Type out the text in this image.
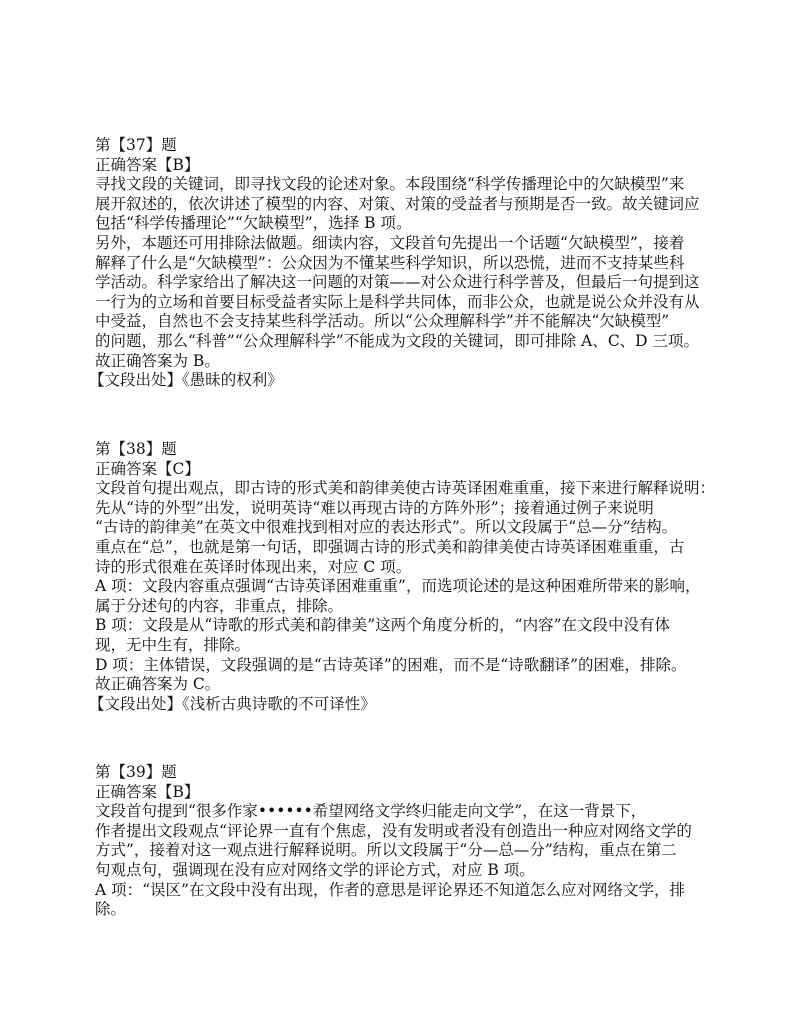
第【37】题

正确答案【B】

寻找文段的关键词，即寻找文段的论述对象。本段围绕“科学传播理论中的欠缺模型”来

展开叙述的，依次讲述了模型的内容、对策、对策的受益者与预期是否一致。故关键词应

包括“科学传播理论”“欠缺模型”，选择 B 项。

另外，本题还可用排除法做题。细读内容，文段首句先提出一个话题“欠缺模型”，接着

解释了什么是“欠缺模型”：公众因为不懂某些科学知识，所以恐慌，进而不支持某些科

学活动。科学家给出了解决这一问题的对策——对公众进行科学普及，但最后一句提到这

一行为的立场和首要目标受益者实际上是科学共同体，而非公众，也就是说公众并没有从

中受益，自然也不会支持某些科学活动。所以“公众理解科学”并不能解决“欠缺模型”

的问题，那么“科普”“公众理解科学”不能成为文段的关键词，即可排除 A、C、D 三项。

故正确答案为 B。

【文段出处】《愚昧的权利》

第【38】题

正确答案【C】

文段首句提出观点，即古诗的形式美和韵律美使古诗英译困难重重，接下来进行解释说明：

先从“诗的外型”出发，说明英诗“难以再现古诗的方阵外形”；接着通过例子来说明

“古诗的韵律美”在英文中很难找到相对应的表达形式”。所以文段属于“总—分”结构。

重点在“总”，也就是第一句话，即强调古诗的形式美和韵律美使古诗英译困难重重，古

诗的形式很难在英译时体现出来，对应 C 项。

A 项：文段内容重点强调“古诗英译困难重重”，而选项论述的是这种困难所带来的影响，

属于分述句的内容，非重点，排除。

B 项：文段是从“诗歌的形式美和韵律美”这两个角度分析的，“内容”在文段中没有体

现，无中生有，排除。

D 项：主体错误，文段强调的是“古诗英译”的困难，而不是“诗歌翻译”的困难，排除。

故正确答案为 C。

【文段出处】《浅析古典诗歌的不可译性》

第【39】题

正确答案【B】

文段首句提到“很多作家••••••希望网络文学终归能走向文学”，在这一背景下，

作者提出文段观点“评论界一直有个焦虑，没有发明或者没有创造出一种应对网络文学的

方式”，接着对这一观点进行解释说明。所以文段属于“分—总—分”结构，重点在第二

句观点句，强调现在没有应对网络文学的评论方式，对应 B 项。

A 项：“误区”在文段中没有出现，作者的意思是评论界还不知道怎么应对网络文学，排

除。
